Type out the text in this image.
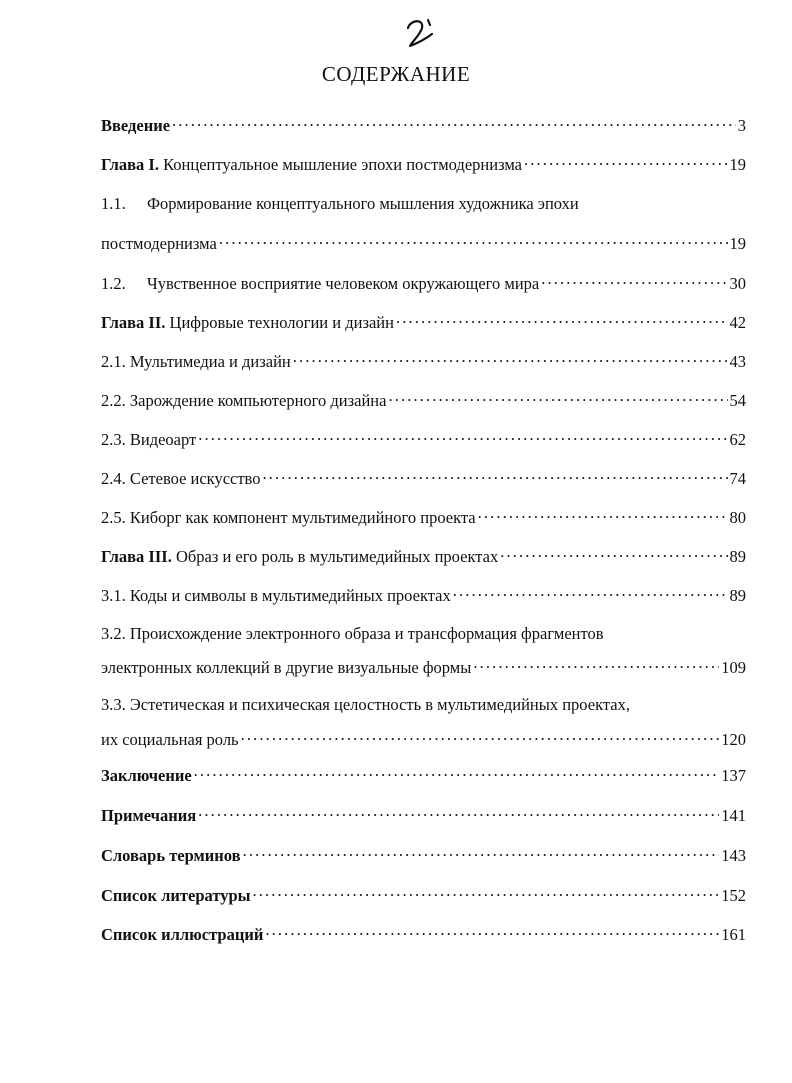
СОДЕРЖАНИЕ
Введение . . .	3
Глава I. Концептуальное мышление эпохи постмодернизма . . .	19
1.1. Формирование концептуального мышления художника эпохи
постмодернизма . . .	19
1.2.	Чувственное восприятие человеком окружающего мира . . .	30
Глава II. Цифровые технологии и дизайн . . .	42
2.1. Мультимедиа и дизайн . . .	43
2.2. Зарождение компьютерного дизайна . . .	54
2.3. Видеоарт . . .	62
2.4. Сетевое искусство . . .	74
2.5. Киборг как компонент мультимедийного проекта . . .	80
Глава III. Образ и его роль в мультимедийных проектах . . .	89
3.1. Коды и символы в мультимедийных проектах . . .	89
3.2. Происхождение электронного образа и трансформация фрагментов
электронных коллекций в другие визуальные формы . . .	109
3.3. Эстетическая и психическая целостность в мультимедийных проектах,
их социальная роль . . .	120
Заключение . . .	137
Примечания . . .	141
Словарь терминов . . .	143
Список литературы . . .	152
Список иллюстраций . . .	161
